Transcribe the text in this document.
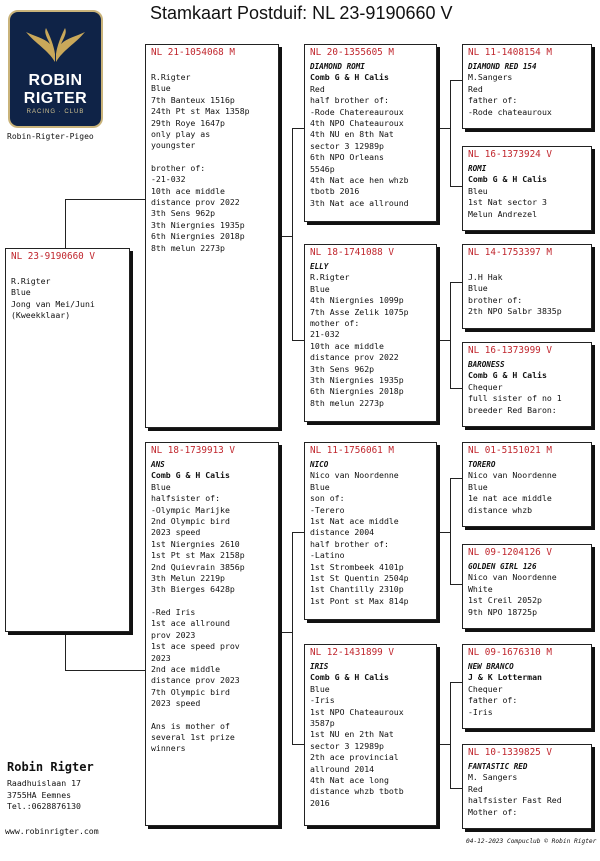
Stamkaart Postduif: NL 23-9190660 V
ROBIN
RIGTER
RACING · CLUB
Robin-Rigter-Pigeo
NL 23-9190660 V
R.Rigter
Blue
Jong van Mei/Juni
(Kweekklaar)
NL 21-1054068 M
R.Rigter
Blue
7th Banteux 1516p
24th Pt st Max 1358p
29th Roye 1647p
only play as
youngster
brother of:
-21-032
10th ace middle
distance prov 2022
3th Sens 962p
3th Niergnies 1935p
6th Niergnies 2018p
8th melun 2273p
NL 18-1739913 V
ANS
Comb G & H Calis
Blue
halfsister of:
-Olympic Marijke
2nd Olympic bird
2023 speed
1st Niergnies 2610
1st Pt st Max 2158p
2nd Quievrain 3856p
3th Melun 2219p
3th Bierges 6428p
-Red Iris
1st ace allround
prov 2023
1st ace speed prov
2023
2nd ace middle
distance prov 2023
7th Olympic bird
2023 speed
Ans is mother of
several 1st prize
winners
NL 20-1355605 M
DIAMOND ROMI
Comb G & H Calis
Red
half brother of:
-Rode Chatereauroux
4th NPO Chateauroux
4th NU en 8th Nat
sector 3 12989p
6th NPO Orleans
5546p
4th Nat ace hen whzb
tbotb 2016
3th Nat ace allround
NL 18-1741088 V
ELLY
R.Rigter
Blue
4th Niergnies 1099p
7th Asse Zelik 1075p
mother of:
21-032
10th ace middle
distance prov 2022
3th Sens 962p
3th Niergnies 1935p
6th Niergnies 2018p
8th melun 2273p
NL 11-1756061 M
NICO
Nico van Noordenne
Blue
son of:
-Terero
1st Nat ace middle
distance 2004
half brother of:
-Latino
1st Strombeek 4101p
1st St Quentin 2504p
1st Chantilly 2310p
1st Pont st Max 814p
NL 12-1431899 V
IRIS
Comb G & H Calis
Blue
-Iris
1st NPO Chateauroux
3587p
1st NU en 2th Nat
sector 3 12989p
2th ace provincial
allround 2014
4th Nat ace long
distance whzb tbotb
2016
NL 11-1408154 M
DIAMOND RED 154
M.Sangers
Red
father of:
-Rode chateauroux
NL 16-1373924 V
ROMI
Comb G & H Calis
Bleu
1st Nat sector 3
Melun Andrezel
NL 14-1753397 M
J.H Hak
Blue
brother of:
2th NPO Salbr 3835p
NL 16-1373999 V
BARONESS
Comb G & H Calis
Chequer
full sister of no 1
breeder Red Baron:
NL 01-5151021 M
TORERO
Nico van Noordenne
Blue
1e nat ace middle
distance whzb
NL 09-1204126 V
GOLDEN GIRL 126
Nico van Noordenne
White
1st Creil 2052p
9th NPO 18725p
NL 09-1676310 M
NEW BRANCO
J & K Lotterman
Chequer
father of:
-Iris
NL 10-1339825 V
FANTASTIC RED
M. Sangers
Red
halfsister Fast Red
Mother of:
Robin Rigter
Raadhuislaan 17
3755HA Eemnes
Tel.:0628876130
www.robinrigter.com
04-12-2023 Compuclub © Robin Rigter
